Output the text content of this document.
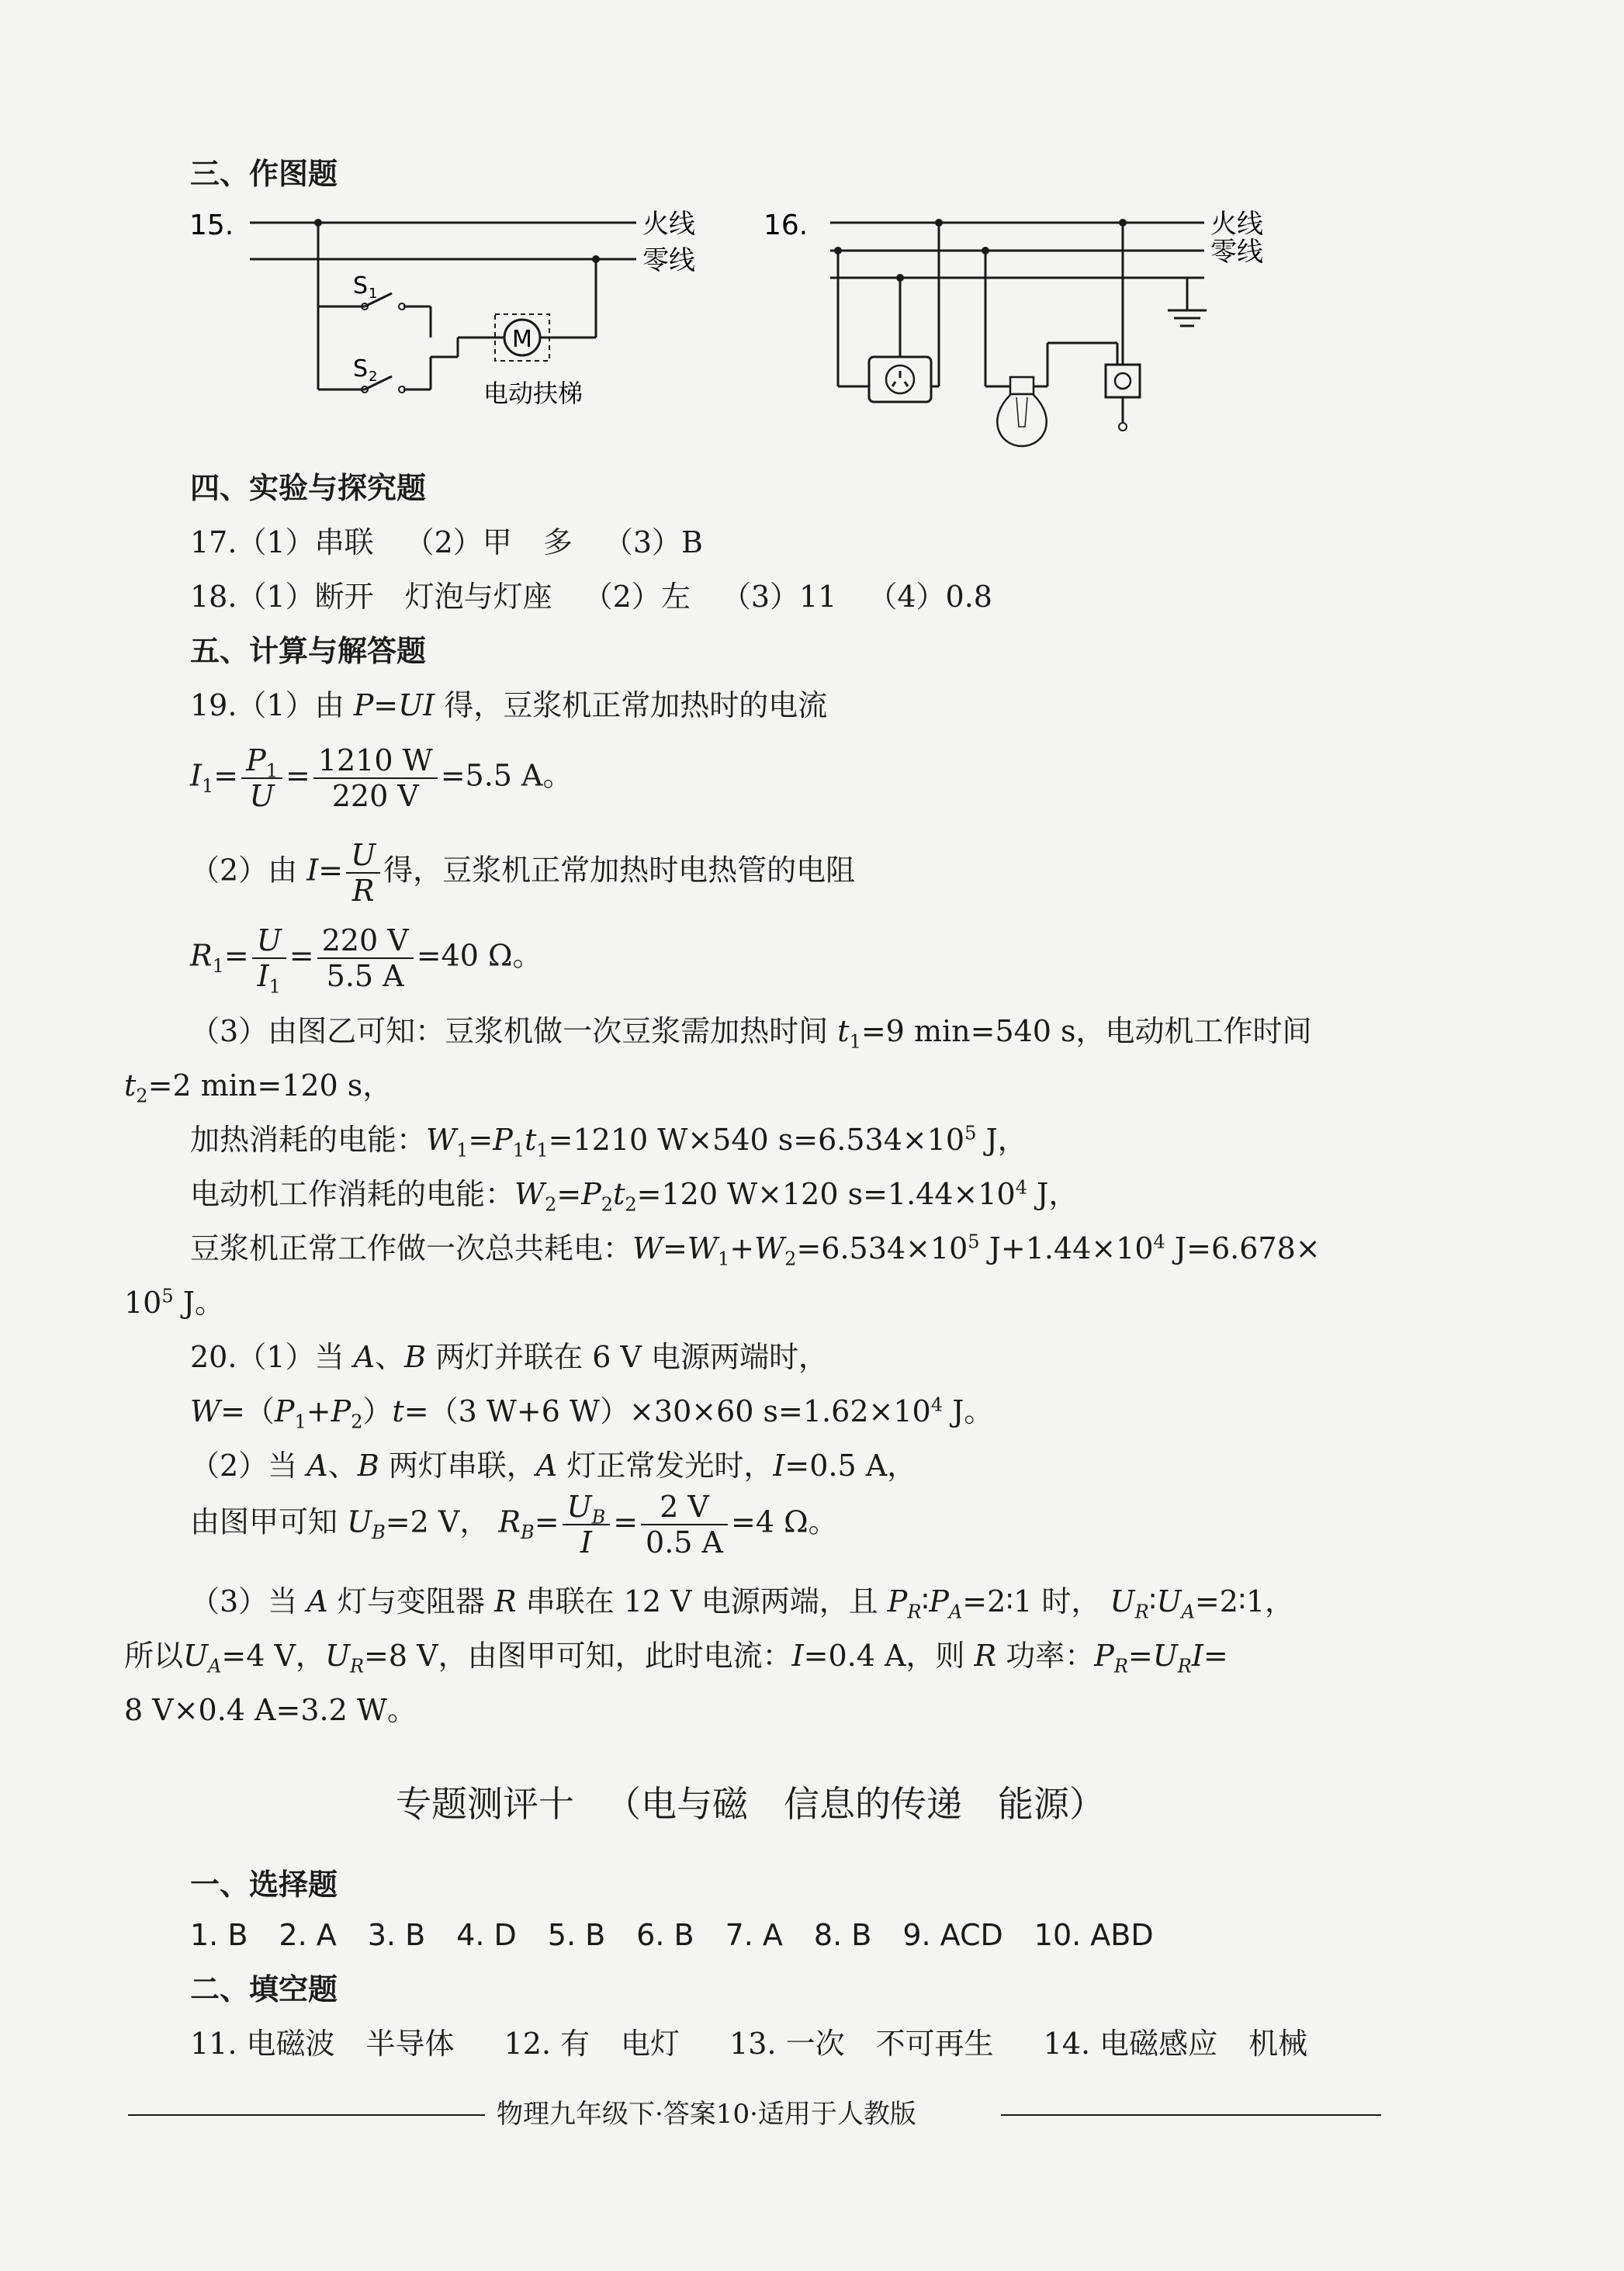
三、作图题
15.
M
S 1
S 2
电动扶梯
火线
零线
16.	火线
零线
四、实验与探究题
17.（1）串联 （2）甲 多 （3）B
18.（1）断开 灯泡与灯座 （2）左 （3）11 （4）0.8
五、计算与解答题
19.（1）由 P=UI 得，豆浆机正常加热时的电流
$I_1= \frac{P_1}{U} = \frac{1210 W}{220 V} =5.5$ A。
（2）由 $I= \frac{U}{R}$ 得，豆浆机正常加热时电热管的电阻
$R_1= \frac{U}{I_1} = \frac{220 V}{5.5 A} =40$ Ω。
（3）由图乙可知：豆浆机做一次豆浆需加热时间 $t_1=9$ min=540 s，电动机工作时间
$t_2=2$ min=120 s，
加热消耗的电能：$W_1=P_1t_1=1210$ W×540 $s=6.534\times 10^5$ J，
电动机工作消耗的电能：$W_2=P_2t_2=120$ W×120 $s=1.44\times 10^4$ J，
豆浆机正常工作做一次总共耗电：$W=W_1+W_2=6.534\times 10^5$ $J+1.44\times 10^4$ J=6.678×
$10^5$ J。
20.（1）当 A、B 两灯并联在 6 V 电源两端时，
$W=(P_1+P_2)t=(3$ W+6 W）×30×60 $s=1.62\times 10^4$ J。
（2）当 A、B 两灯串联，A 灯正常发光时，I=0.5 A，
由图甲可知 $U_B=2$ V， $R_B= \frac{U_B}{I} = \frac{2 V}{0.5 A} =4$ Ω。
（3）当 A 灯与变阻器 R 串联在 12 V 电源两端，且 $P_R∶P_A=2∶1$ 时， $U_R∶U_A=2∶1$，
所以$U_A=4$ V，$U_R=8$ V，由图甲可知，此时电流：I=0.4 A，则 R 功率：$P_R=U_RI=$
8 V×0.4 A=3.2 W。
专题测评十 （电与磁　信息的传递　能源）
一、选择题
1. B 2. A 3. B 4. D 5. B 6. B 7. A 8. B 9. ACD 10. ABD
二、填空题
11. 电磁波 半导体 12. 有 电灯 13. 一次 不可再生 14. 电磁感应 机械
物理九年级下·答案10·适用于人教版
